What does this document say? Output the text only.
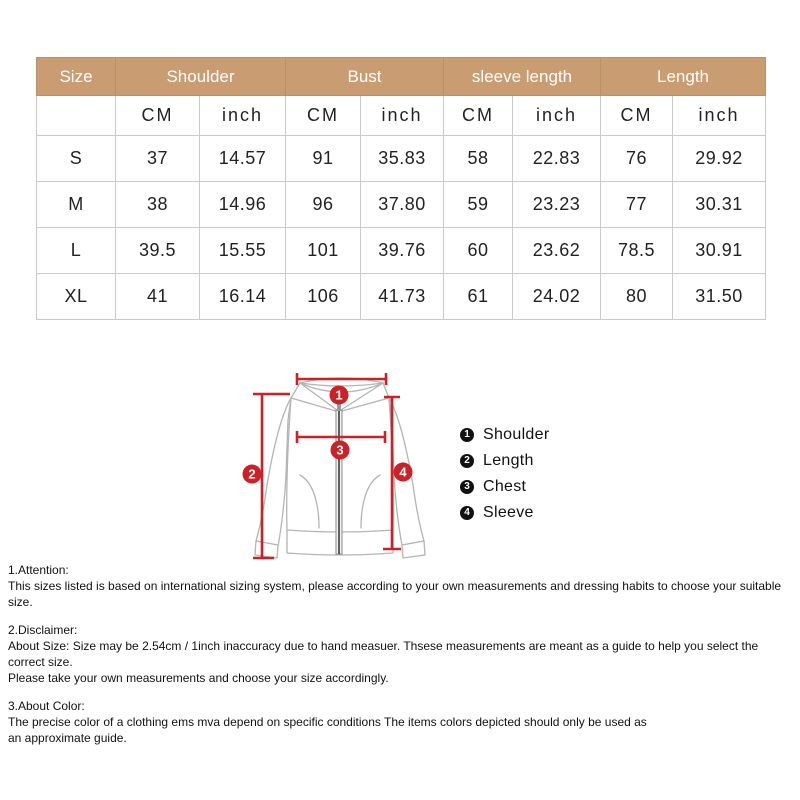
Size	Shoulder		Bust		sleeve length		Length	
	CM	inch	CM	inch	CM	inch	CM	inch
S	37	14.57	91	35.83	58	22.83	76	29.92
M	38	14.96	96	37.80	59	23.23	77	30.31
L	39.5	15.55	101	39.76	60	23.62	78.5	30.91
XL	41	16.14	106	41.73	61	24.02	80	31.50
1
2
3
4
1 Shoulder
2 Length
3 Chest
4 Sleeve
1.Attention:
This sizes listed is based on international sizing system, please according to your own measurements and dressing habits to choose your suitable size.
2.Disclaimer:
About Size: Size may be 2.54cm / 1inch inaccuracy due to hand measuer. Thsese measurements are meant as a guide to help you select the correct size.
Please take your own measurements and choose your size accordingly.
3.About Color:
The precise color of a clothing ems mva depend on specific conditions The items colors depicted should only be used as
an approximate guide.
